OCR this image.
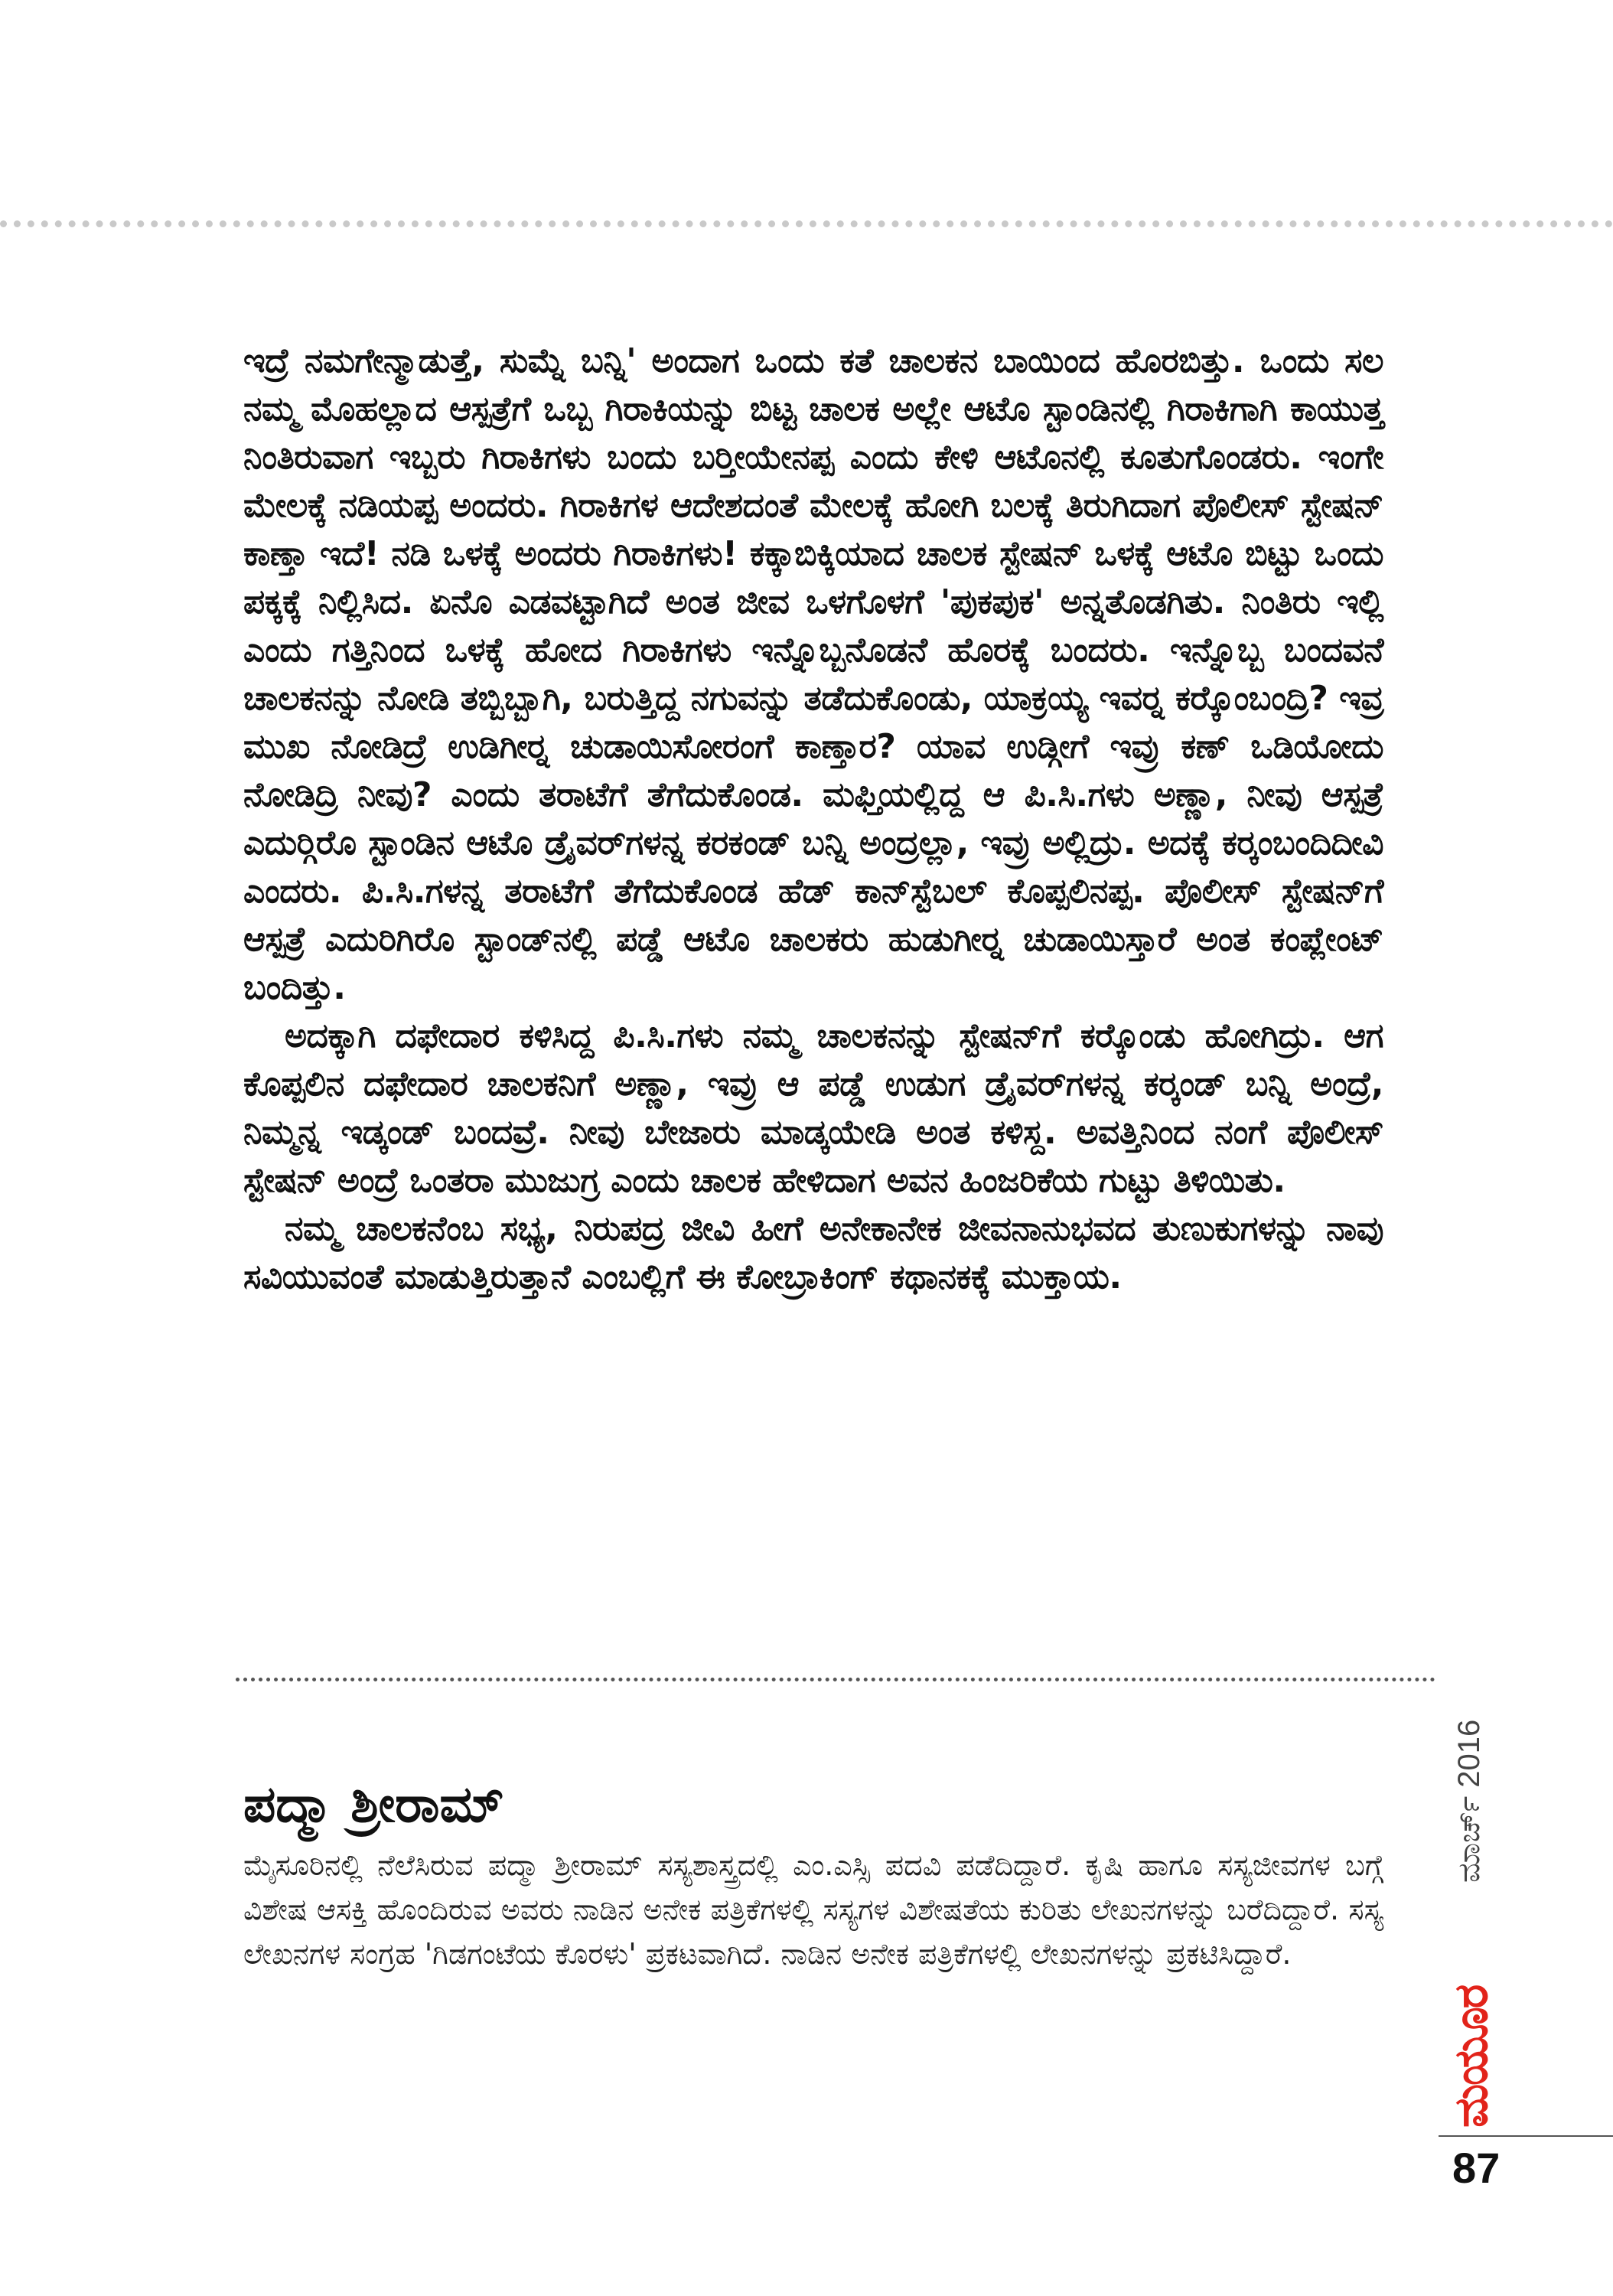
ಇದ್ರೆ ನಮಗೇನ್ಮಾಡುತ್ತೆ, ಸುಮ್ನೆ ಬನ್ನಿ' ಅಂದಾಗ ಒಂದು ಕತೆ ಚಾಲಕನ ಬಾಯಿಂದ ಹೊರಬಿತ್ತು. ಒಂದು ಸಲ ನಮ್ಮ ಮೊಹಲ್ಲಾದ ಆಸ್ಪತ್ರೆಗೆ ಒಬ್ಬ ಗಿರಾಕಿಯನ್ನು ಬಿಟ್ಟ ಚಾಲಕ ಅಲ್ಲೇ ಆಟೊ ಸ್ಟಾಂಡಿನಲ್ಲಿ ಗಿರಾಕಿಗಾಗಿ ಕಾಯುತ್ತ ನಿಂತಿರುವಾಗ ಇಬ್ಬರು ಗಿರಾಕಿಗಳು ಬಂದು ಬರ್‍ತೀಯೇನಪ್ಪ ಎಂದು ಕೇಳಿ ಆಟೊನಲ್ಲಿ ಕೂತುಗೊಂಡರು. ಇಂಗೇ ಮೇಲಕ್ಕೆ ನಡಿಯಪ್ಪ ಅಂದರು. ಗಿರಾಕಿಗಳ ಆದೇಶದಂತೆ ಮೇಲಕ್ಕೆ ಹೋಗಿ ಬಲಕ್ಕೆ ತಿರುಗಿದಾಗ ಪೊಲೀಸ್ ಸ್ಟೇಷನ್ ಕಾಣ್ತಾ ಇದೆ! ನಡಿ ಒಳಕ್ಕೆ ಅಂದರು ಗಿರಾಕಿಗಳು! ಕಕ್ಕಾಬಿಕ್ಕಿಯಾದ ಚಾಲಕ ಸ್ಟೇಷನ್ ಒಳಕ್ಕೆ ಆಟೊ ಬಿಟ್ಟು ಒಂದು ಪಕ್ಕಕ್ಕೆ ನಿಲ್ಲಿಸಿದ. ಏನೊ ಎಡವಟ್ಟಾಗಿದೆ ಅಂತ ಜೀವ ಒಳಗೊಳಗೆ 'ಪುಕಪುಕ' ಅನ್ನತೊಡಗಿತು. ನಿಂತಿರು ಇಲ್ಲಿ ಎಂದು ಗತ್ತಿನಿಂದ ಒಳಕ್ಕೆ ಹೋದ ಗಿರಾಕಿಗಳು ಇನ್ನೊಬ್ಬನೊಡನೆ ಹೊರಕ್ಕೆ ಬಂದರು. ಇನ್ನೊಬ್ಬ ಬಂದವನೆ ಚಾಲಕನನ್ನು ನೋಡಿ ತಬ್ಬಿಬ್ಬಾಗಿ, ಬರುತ್ತಿದ್ದ ನಗುವನ್ನು ತಡೆದುಕೊಂಡು, ಯಾಕ್ರಯ್ಯ ಇವರ್‍ನ ಕರ್‍ಕೊಂಬಂದ್ರಿ? ಇವ್ರ ಮುಖ ನೋಡಿದ್ರೆ ಉಡಿಗೀರ್‍ನ ಚುಡಾಯಿಸೋರಂಗೆ ಕಾಣ್ತಾರ? ಯಾವ ಉಡ್ಗೀಗೆ ಇವ್ರು ಕಣ್ ಒಡಿಯೋದು ನೋಡಿದ್ರಿ ನೀವು? ಎಂದು ತರಾಟೆಗೆ ತೆಗೆದುಕೊಂಡ. ಮಫ್ತಿಯಲ್ಲಿದ್ದ ಆ ಪಿ.ಸಿ.ಗಳು ಅಣ್ಣಾ, ನೀವು ಆಸ್ಪತ್ರೆ ಎದುರ್‍ಗಿರೊ ಸ್ಟಾಂಡಿನ ಆಟೊ ಡ್ರೈವರ್‌ಗಳನ್ನ ಕರಕಂಡ್ ಬನ್ನಿ ಅಂದ್ರಲ್ಲಾ, ಇವ್ರು ಅಲ್ಲಿದ್ರು. ಅದಕ್ಕೆ ಕರ್‍ಕಂಬಂದಿದೀವಿ ಎಂದರು. ಪಿ.ಸಿ.ಗಳನ್ನ ತರಾಟೆಗೆ ತೆಗೆದುಕೊಂಡ ಹೆಡ್ ಕಾನ್‌ಸ್ಟೆಬಲ್ ಕೊಪ್ಪಲಿನಪ್ಪ. ಪೊಲೀಸ್ ಸ್ಟೇಷನ್‌ಗೆ ಆಸ್ಪತ್ರೆ ಎದುರಿಗಿರೊ ಸ್ಟಾಂಡ್‌ನಲ್ಲಿ ಪಡ್ಡೆ ಆಟೊ ಚಾಲಕರು ಹುಡುಗೀರ್‍ನ ಚುಡಾಯಿಸ್ತಾರೆ ಅಂತ ಕಂಪ್ಲೇಂಟ್ ಬಂದಿತ್ತು.

ಅದಕ್ಕಾಗಿ ದಫೇದಾರ ಕಳಿಸಿದ್ದ ಪಿ.ಸಿ.ಗಳು ನಮ್ಮ ಚಾಲಕನನ್ನು ಸ್ಟೇಷನ್‌ಗೆ ಕರ್‍ಕೊಂಡು ಹೋಗಿದ್ರು. ಆಗ ಕೊಪ್ಪಲಿನ ದಫೇದಾರ ಚಾಲಕನಿಗೆ ಅಣ್ಣಾ, ಇವ್ರು ಆ ಪಡ್ಡೆ ಉಡುಗ ಡ್ರೈವರ್‌ಗಳನ್ನ ಕರ್‍ಕಂಡ್ ಬನ್ನಿ ಅಂದ್ರೆ, ನಿಮ್ಮನ್ನ ಇಡ್ಕಂಡ್ ಬಂದವ್ರೆ. ನೀವು ಬೇಜಾರು ಮಾಡ್ಕಯೇಡಿ ಅಂತ ಕಳಿಸ್ದ. ಅವತ್ತಿನಿಂದ ನಂಗೆ ಪೊಲೀಸ್ ಸ್ಟೇಷನ್ ಅಂದ್ರೆ ಒಂತರಾ ಮುಜುಗ್ರ ಎಂದು ಚಾಲಕ ಹೇಳಿದಾಗ ಅವನ ಹಿಂಜರಿಕೆಯ ಗುಟ್ಟು ತಿಳಿಯಿತು.

ನಮ್ಮ ಚಾಲಕನೆಂಬ ಸಭ್ಯ, ನಿರುಪದ್ರ ಜೀವಿ ಹೀಗೆ ಅನೇಕಾನೇಕ ಜೀವನಾನುಭವದ ತುಣುಕುಗಳನ್ನು ನಾವು ಸವಿಯುವಂತೆ ಮಾಡುತ್ತಿರುತ್ತಾನೆ ಎಂಬಲ್ಲಿಗೆ ಈ ಕೋಬ್ರಾಕಿಂಗ್ ಕಥಾನಕಕ್ಕೆ ಮುಕ್ತಾಯ.

ಪದ್ಮಾ ಶ್ರೀರಾಮ್

ಮೈಸೂರಿನಲ್ಲಿ ನೆಲೆಸಿರುವ ಪದ್ಮಾ ಶ್ರೀರಾಮ್ ಸಸ್ಯಶಾಸ್ತ್ರದಲ್ಲಿ ಎಂ.ಎಸ್ಸಿ ಪದವಿ ಪಡೆದಿದ್ದಾರೆ. ಕೃಷಿ ಹಾಗೂ ಸಸ್ಯಜೀವಗಳ ಬಗ್ಗೆ ವಿಶೇಷ ಆಸಕ್ತಿ ಹೊಂದಿರುವ ಅವರು ನಾಡಿನ ಅನೇಕ ಪತ್ರಿಕೆಗಳಲ್ಲಿ ಸಸ್ಯಗಳ ವಿಶೇಷತೆಯ ಕುರಿತು ಲೇಖನಗಳನ್ನು ಬರೆದಿದ್ದಾರೆ. ಸಸ್ಯ ಲೇಖನಗಳ ಸಂಗ್ರಹ 'ಗಿಡಗಂಟೆಯ ಕೊರಳು' ಪ್ರಕಟವಾಗಿದೆ. ನಾಡಿನ ಅನೇಕ ಪತ್ರಿಕೆಗಳಲ್ಲಿ ಲೇಖನಗಳನ್ನು ಪ್ರಕಟಿಸಿದ್ದಾರೆ.

ಮಾರ್ಚ್ 2016
ಮಯೂರ
87
